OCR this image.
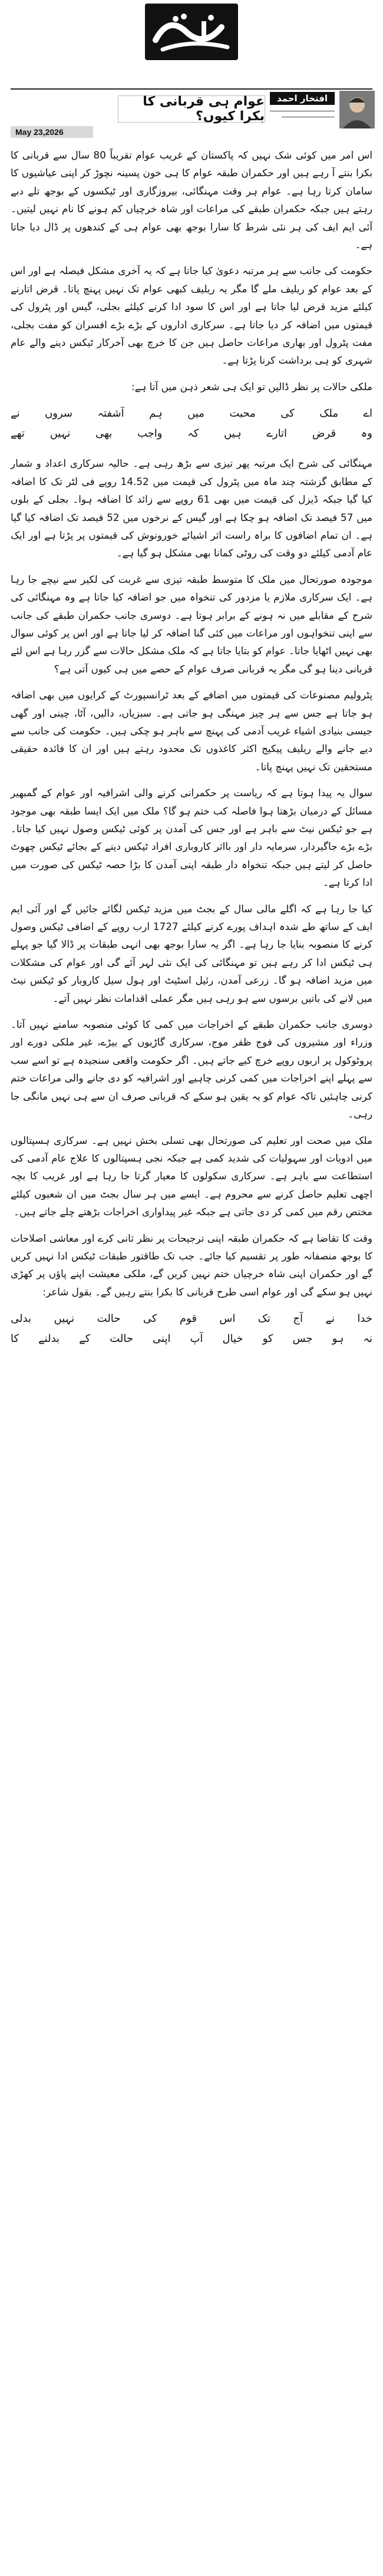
عوام ہی قربانی کا بکرا کیوں؟
May 23,2026
افتخار احمد

اس امر میں کوئی شک نہیں کہ پاکستان کے غریب عوام تقریباً 80 سال سے قربانی کا بکرا بنتے آ رہے ہیں اور حکمران طبقہ عوام کا ہی خون پسینہ نچوڑ کر اپنی عیاشیوں کا سامان کرتا رہا ہے۔ عوام ہر وقت مہنگائی، بیروزگاری اور ٹیکسوں کے بوجھ تلے دبے رہتے ہیں جبکہ حکمران طبقے کی مراعات اور شاہ خرچیاں کم ہونے کا نام نہیں لیتیں۔ آئی ایم ایف کی ہر نئی شرط کا سارا بوجھ بھی عوام ہی کے کندھوں پر ڈال دیا جاتا ہے۔

حکومت کی جانب سے ہر مرتبہ دعویٰ کیا جاتا ہے کہ یہ آخری مشکل فیصلہ ہے اور اس کے بعد عوام کو ریلیف ملے گا مگر یہ ریلیف کبھی عوام تک نہیں پہنچ پاتا۔ قرض اتارنے کیلئے مزید قرض لیا جاتا ہے اور اس کا سود ادا کرنے کیلئے بجلی، گیس اور پٹرول کی قیمتوں میں اضافہ کر دیا جاتا ہے۔ سرکاری اداروں کے بڑے بڑے افسران کو مفت بجلی، مفت پٹرول اور بھاری مراعات حاصل ہیں جن کا خرچ بھی آخرکار ٹیکس دینے والے عام شہری کو ہی برداشت کرنا پڑتا ہے۔

ملکی حالات پر نظر ڈالیں تو ایک ہی شعر ذہن میں آتا ہے:

اے
ملک
کی
محبت
میں
ہم
آشفتہ
سروں
نے
وہ
قرض
اتارے
ہیں
کہ
واجب
بھی
نہیں
تھے

مہنگائی کی شرح ایک مرتبہ پھر تیزی سے بڑھ رہی ہے۔ حالیہ سرکاری اعداد و شمار کے مطابق گزشتہ چند ماہ میں پٹرول کی قیمت میں 14.52 روپے فی لٹر تک کا اضافہ کیا گیا جبکہ ڈیزل کی قیمت میں بھی 61 روپے سے زائد کا اضافہ ہوا۔ بجلی کے بلوں میں 57 فیصد تک اضافہ ہو چکا ہے اور گیس کے نرخوں میں 52 فیصد تک اضافہ کیا گیا ہے۔ ان تمام اضافوں کا براہ راست اثر اشیائے خورونوش کی قیمتوں پر پڑتا ہے اور ایک عام آدمی کیلئے دو وقت کی روٹی کمانا بھی مشکل ہو گیا ہے۔

موجودہ صورتحال میں ملک کا متوسط طبقہ تیزی سے غربت کی لکیر سے نیچے جا رہا ہے۔ ایک سرکاری ملازم یا مزدور کی تنخواہ میں جو اضافہ کیا جاتا ہے وہ مہنگائی کی شرح کے مقابلے میں نہ ہونے کے برابر ہوتا ہے۔ دوسری جانب حکمران طبقے کی جانب سے اپنی تنخواہوں اور مراعات میں کئی گنا اضافہ کر لیا جاتا ہے اور اس پر کوئی سوال بھی نہیں اٹھایا جاتا۔ عوام کو بتایا جاتا ہے کہ ملک مشکل حالات سے گزر رہا ہے اس لئے قربانی دینا ہو گی مگر یہ قربانی صرف عوام کے حصے میں ہی کیوں آتی ہے؟

پٹرولیم مصنوعات کی قیمتوں میں اضافے کے بعد ٹرانسپورٹ کے کرایوں میں بھی اضافہ ہو جاتا ہے جس سے ہر چیز مہنگی ہو جاتی ہے۔ سبزیاں، دالیں، آٹا، چینی اور گھی جیسی بنیادی اشیاء غریب آدمی کی پہنچ سے باہر ہو چکی ہیں۔ حکومت کی جانب سے دیے جانے والے ریلیف پیکیج اکثر کاغذوں تک محدود رہتے ہیں اور ان کا فائدہ حقیقی مستحقین تک نہیں پہنچ پاتا۔

سوال یہ پیدا ہوتا ہے کہ ریاست پر حکمرانی کرنے والی اشرافیہ اور عوام کے گمبھیر مسائل کے درمیان بڑھتا ہوا فاصلہ کب ختم ہو گا؟ ملک میں ایک ایسا طبقہ بھی موجود ہے جو ٹیکس نیٹ سے باہر ہے اور جس کی آمدن پر کوئی ٹیکس وصول نہیں کیا جاتا۔ بڑے بڑے جاگیردار، سرمایہ دار اور بااثر کاروباری افراد ٹیکس دینے کے بجائے ٹیکس چھوٹ حاصل کر لیتے ہیں جبکہ تنخواہ دار طبقہ اپنی آمدن کا بڑا حصہ ٹیکس کی صورت میں ادا کرتا ہے۔

کیا جا رہا ہے کہ اگلے مالی سال کے بجٹ میں مزید ٹیکس لگائے جائیں گے اور آئی ایم ایف کے ساتھ طے شدہ اہداف پورے کرنے کیلئے 1727 ارب روپے کے اضافی ٹیکس وصول کرنے کا منصوبہ بنایا جا رہا ہے۔ اگر یہ سارا بوجھ بھی انہی طبقات پر ڈالا گیا جو پہلے ہی ٹیکس ادا کر رہے ہیں تو مہنگائی کی ایک نئی لہر آئے گی اور عوام کی مشکلات میں مزید اضافہ ہو گا۔ زرعی آمدن، رئیل اسٹیٹ اور ہول سیل کاروبار کو ٹیکس نیٹ میں لانے کی باتیں برسوں سے ہو رہی ہیں مگر عملی اقدامات نظر نہیں آتے۔

دوسری جانب حکمران طبقے کے اخراجات میں کمی کا کوئی منصوبہ سامنے نہیں آتا۔ وزراء اور مشیروں کی فوج ظفر موج، سرکاری گاڑیوں کے بیڑے، غیر ملکی دورے اور پروٹوکول پر اربوں روپے خرچ کیے جاتے ہیں۔ اگر حکومت واقعی سنجیدہ ہے تو اسے سب سے پہلے اپنے اخراجات میں کمی کرنی چاہیے اور اشرافیہ کو دی جانے والی مراعات ختم کرنی چاہئیں تاکہ عوام کو یہ یقین ہو سکے کہ قربانی صرف ان سے ہی نہیں مانگی جا رہی۔

ملک میں صحت اور تعلیم کی صورتحال بھی تسلی بخش نہیں ہے۔ سرکاری ہسپتالوں میں ادویات اور سہولیات کی شدید کمی ہے جبکہ نجی ہسپتالوں کا علاج عام آدمی کی استطاعت سے باہر ہے۔ سرکاری سکولوں کا معیار گرتا جا رہا ہے اور غریب کا بچہ اچھی تعلیم حاصل کرنے سے محروم ہے۔ ایسے میں ہر سال بجٹ میں ان شعبوں کیلئے مختص رقم میں کمی کر دی جاتی ہے جبکہ غیر پیداواری اخراجات بڑھتے چلے جاتے ہیں۔

وقت کا تقاضا ہے کہ حکمران طبقہ اپنی ترجیحات پر نظر ثانی کرے اور معاشی اصلاحات کا بوجھ منصفانہ طور پر تقسیم کیا جائے۔ جب تک طاقتور طبقات ٹیکس ادا نہیں کریں گے اور حکمران اپنی شاہ خرچیاں ختم نہیں کریں گے، ملکی معیشت اپنے پاؤں پر کھڑی نہیں ہو سکے گی اور عوام اسی طرح قربانی کا بکرا بنتے رہیں گے۔ بقول شاعر:

خدا
نے
آج
تک
اس
قوم
کی
حالت
نہیں
بدلی
نہ
ہو
جس
کو
خیال
آپ
اپنی
حالت
کے
بدلنے
کا
